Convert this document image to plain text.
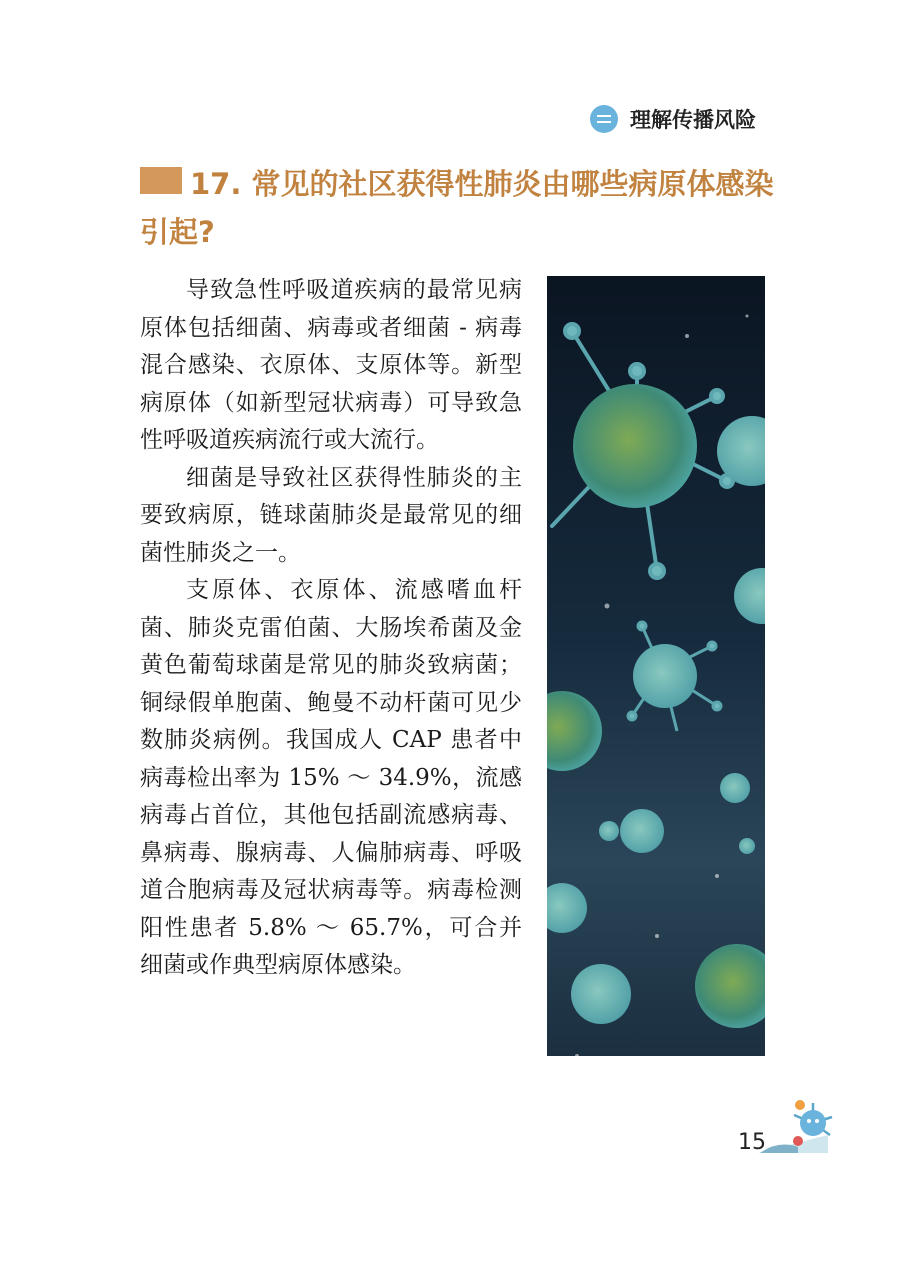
理解传播风险
17. 常见的社区获得性肺炎由哪些病原体感染引起?

导致急性呼吸道疾病的最常见病原体包括细菌、病毒或者细菌 - 病毒混合感染、衣原体、支原体等。新型病原体（如新型冠状病毒）可导致急性呼吸道疾病流行或大流行。

细菌是导致社区获得性肺炎的主要致病原，链球菌肺炎是最常见的细菌性肺炎之一。

支原体、衣原体、流感嗜血杆菌、肺炎克雷伯菌、大肠埃希菌及金黄色葡萄球菌是常见的肺炎致病菌；铜绿假单胞菌、鲍曼不动杆菌可见少数肺炎病例。我国成人 CAP 患者中病毒检出率为 15% ～ 34.9%，流感病毒占首位，其他包括副流感病毒、鼻病毒、腺病毒、人偏肺病毒、呼吸道合胞病毒及冠状病毒等。病毒检测阳性患者 5.8% ～ 65.7%，可合并细菌或作典型病原体感染。

15
